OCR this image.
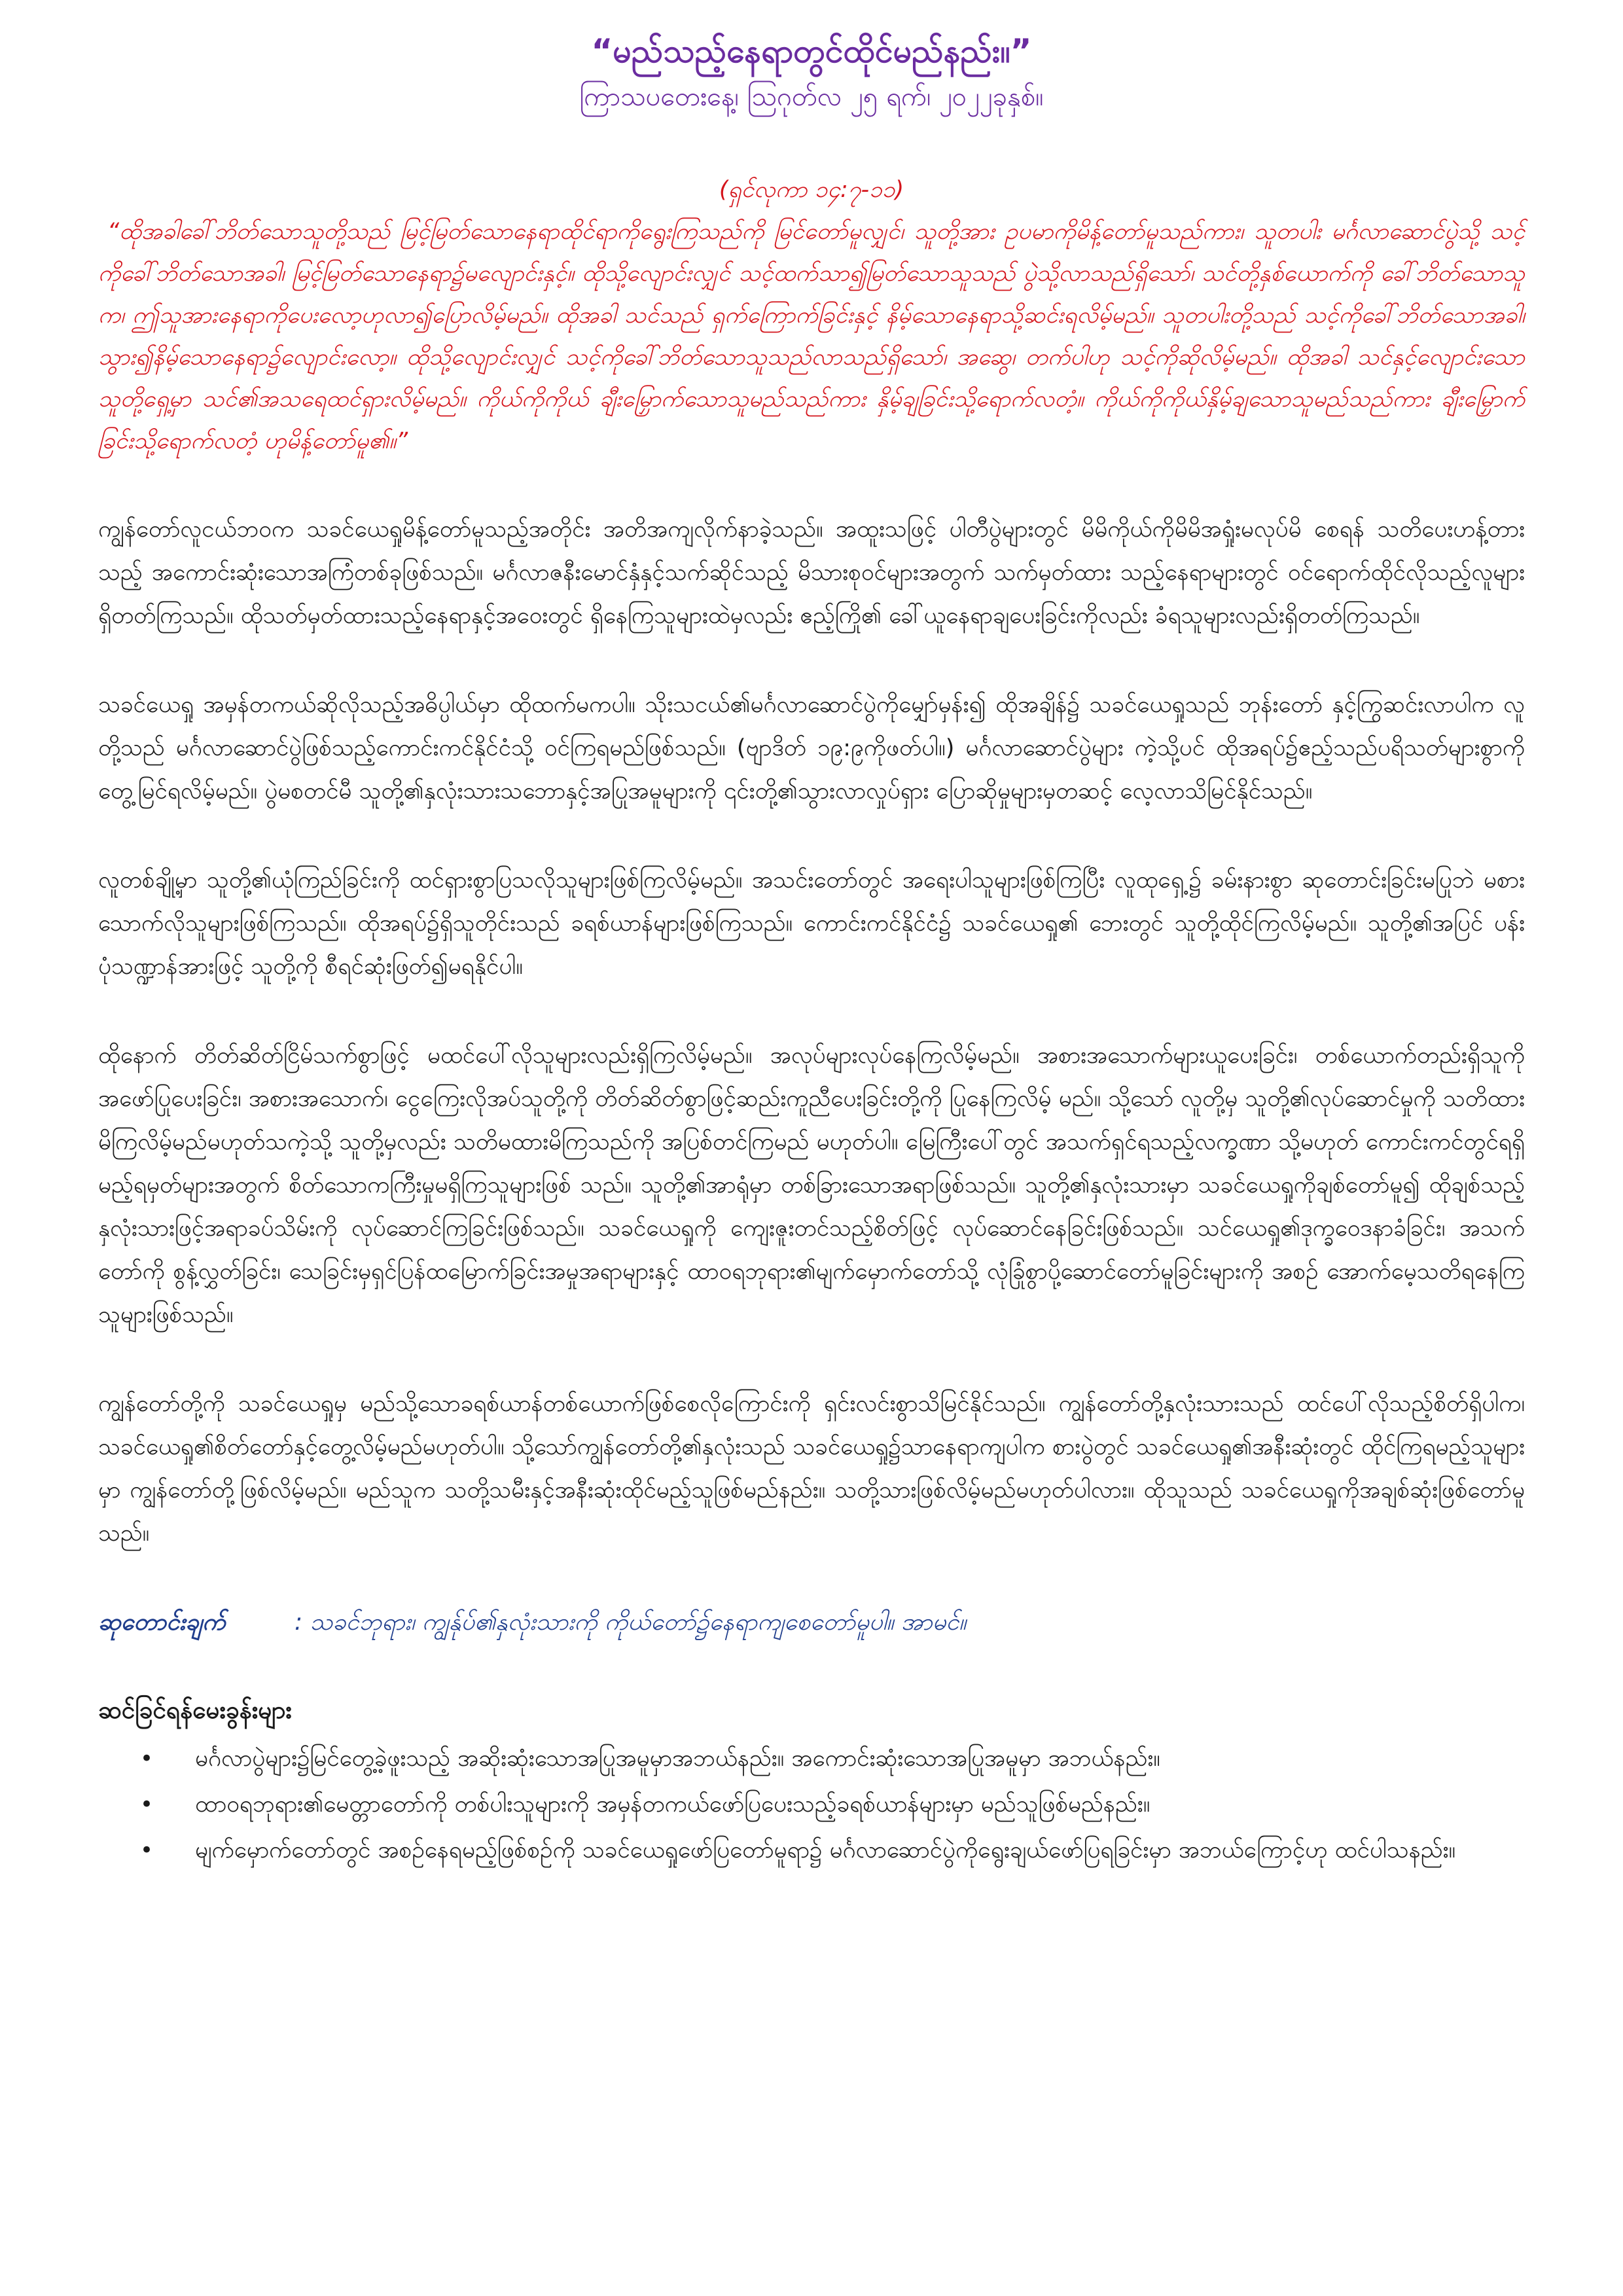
“မည်သည့်နေရာတွင်ထိုင်မည်နည်း။”

ကြာသပတေးနေ့၊ ဩဂုတ်လ ၂၅ ရက်၊ ၂၀၂၂ခုနှစ်။

(ရှင်လုကာ ၁၄:၇-၁၁)

“ထိုအခါခေါ်ဘိတ်သောသူတို့သည် မြင့်မြတ်သောနေရာထိုင်ရာကိုရွေးကြသည်ကို မြင်တော်မူလျှင်၊ သူတို့အား ဥပမာကိုမိန့်တော်မူသည်ကား၊ သူတပါး မင်္ဂလာဆောင်ပွဲသို့ သင့်ကိုခေါ်ဘိတ်သောအခါ၊ မြင့်မြတ်သောနေရာ၌မလျောင်းနှင့်။ ထိုသို့လျောင်းလျှင် သင့်ထက်သာ၍မြတ်သောသူသည် ပွဲသို့လာသည်ရှိသော်၊ သင်တို့နှစ်ယောက်ကို ခေါ်ဘိတ်သောသူက၊ ဤသူအားနေရာကိုပေးလော့ဟုလာ၍ပြောလိမ့်မည်။ ထိုအခါ သင်သည် ရှက်ကြောက်ခြင်းနှင့် နိမ့်သောနေရာသို့ဆင်းရလိမ့်မည်။ သူတပါးတို့သည် သင့်ကိုခေါ်ဘိတ်သောအခါ၊ သွား၍နိမ့်သောနေရာ၌လျောင်းလော့။ ထိုသို့လျောင်းလျှင် သင့်ကိုခေါ်ဘိတ်သောသူသည်လာသည်ရှိသော်၊ အဆွေ၊ တက်ပါဟု သင့်ကိုဆိုလိမ့်မည်။ ထိုအခါ သင်နှင့်လျောင်းသောသူတို့ရှေ့မှာ သင်၏အသရေထင်ရှားလိမ့်မည်။ ကိုယ်ကိုကိုယ် ချီးမြှောက်သောသူမည်သည်ကား နှိမ့်ချခြင်းသို့ရောက်လတံ့။ ကိုယ်ကိုကိုယ်နှိမ့်ချသောသူမည်သည်ကား ချီးမြှောက်ခြင်းသို့ရောက်လတံ့ ဟုမိန့်တော်မူ၏။”

ကျွန်တော်လူငယ်ဘဝက သခင်ယေရှုမိန့်တော်မူသည့်အတိုင်း အတိအကျလိုက်နာခဲ့သည်။ အထူးသဖြင့် ပါတီပွဲများတွင် မိမိကိုယ်ကိုမိမိအရှုံးမလုပ်မိ စေရန် သတိပေးဟန့်တားသည့် အကောင်းဆုံးသောအကြံတစ်ခုဖြစ်သည်။ မင်္ဂလာဇနီးမောင်နှံနှင့်သက်ဆိုင်သည့် မိသားစုဝင်များအတွက် သက်မှတ်ထား သည့်နေရာများတွင် ဝင်ရောက်ထိုင်လိုသည့်လူများရှိတတ်ကြသည်။ ထိုသတ်မှတ်ထားသည့်နေရာနှင့်အဝေးတွင် ရှိနေကြသူများထဲမှလည်း ဧည့်ကြို၏ ခေါ်ယူနေရာချပေးခြင်းကိုလည်း ခံရသူများလည်းရှိတတ်ကြသည်။

သခင်ယေရှု အမှန်တကယ်ဆိုလိုသည့်အဓိပ္ပါယ်မှာ ထိုထက်မကပါ။ သိုးသငယ်၏မင်္ဂလာဆောင်ပွဲကိုမျှော်မှန်း၍ ထိုအချိန်၌ သခင်ယေရှုသည် ဘုန်းတော် နှင့်ကြွဆင်းလာပါက လူတို့သည် မင်္ဂလာဆောင်ပွဲဖြစ်သည့်ကောင်းကင်နိုင်ငံသို့ ဝင်ကြရမည်ဖြစ်သည်။ (ဗျာဒိတ် ၁၉:၉ကိုဖတ်ပါ။) မင်္ဂလာဆောင်ပွဲများ ကဲ့သို့ပင် ထိုအရပ်၌ဧည့်သည်ပရိသတ်များစွာကို တွေ့မြင်ရလိမ့်မည်။ ပွဲမစတင်မီ သူတို့၏နှလုံးသားသဘောနှင့်အပြုအမူများကို ၎င်းတို့၏သွားလာလှုပ်ရှား ပြောဆိုမှုများမှတဆင့် လေ့လာသိမြင်နိုင်သည်။

လူတစ်ချို့မှာ သူတို့၏ယုံကြည်ခြင်းကို ထင်ရှားစွာပြသလိုသူများဖြစ်ကြလိမ့်မည်။ အသင်းတော်တွင် အရေးပါသူများဖြစ်ကြပြီး လူထုရှေ့၌ ခမ်းနားစွာ ဆုတောင်းခြင်းမပြုဘဲ မစားသောက်လိုသူများဖြစ်ကြသည်။ ထိုအရပ်၌ရှိသူတိုင်းသည် ခရစ်ယာန်များဖြစ်ကြသည်။ ကောင်းကင်နိုင်ငံ၌ သခင်ယေရှု၏ ဘေးတွင် သူတို့ထိုင်ကြလိမ့်မည်။ သူတို့၏အပြင် ပန်းပုံသဏ္ဍာန်အားဖြင့် သူတို့ကို စီရင်ဆုံးဖြတ်၍မရနိုင်ပါ။

ထိုနောက် တိတ်ဆိတ်ငြိမ်သက်စွာဖြင့် မထင်ပေါ်လိုသူများလည်းရှိကြလိမ့်မည်။ အလုပ်များလုပ်နေကြလိမ့်မည်။ အစားအသောက်များယူပေးခြင်း၊ တစ်ယောက်တည်းရှိသူကိုအဖော်ပြုပေးခြင်း၊ အစားအသောက်၊ ငွေကြေးလိုအပ်သူတို့ကို တိတ်ဆိတ်စွာဖြင့်ဆည်းကူညီပေးခြင်းတို့ကို ပြုနေကြလိမ့် မည်။ သို့သော် လူတို့မှ သူတို့၏လုပ်ဆောင်မှုကို သတိထားမိကြလိမ့်မည်မဟုတ်သကဲ့သို့ သူတို့မှလည်း သတိမထားမိကြသည်ကို အပြစ်တင်ကြမည် မဟုတ်ပါ။ မြေကြီးပေါ်တွင် အသက်ရှင်ရသည့်လက္ခဏာ သို့မဟုတ် ကောင်းကင်တွင်ရရှိမည့်ရမှတ်များအတွက် စိတ်သောကကြီးမှုမရှိကြသူများဖြစ် သည်။ သူတို့၏အာရုံမှာ တစ်ခြားသောအရာဖြစ်သည်။ သူတို့၏နှလုံးသားမှာ သခင်ယေရှုကိုချစ်တော်မူ၍ ထိုချစ်သည့်နှလုံးသားဖြင့်အရာခပ်သိမ်းကို လုပ်ဆောင်ကြခြင်းဖြစ်သည်။ သခင်ယေရှုကို ကျေးဇူးတင်သည့်စိတ်ဖြင့် လုပ်ဆောင်နေခြင်းဖြစ်သည်။ သင်ယေရှု၏ဒုက္ခဝေဒနာခံခြင်း၊ အသက်တော်ကို စွန့်လွှတ်ခြင်း၊ သေခြင်းမှရှင်ပြန်ထမြောက်ခြင်းအမှုအရာများနှင့် ထာဝရဘုရား၏မျက်မှောက်တော်သို့ လုံခြုံစွာပို့ဆောင်တော်မူခြင်းများကို အစဉ် အောက်မေ့သတိရနေကြသူများဖြစ်သည်။

ကျွန်တော်တို့ကို သခင်ယေရှုမှ မည်သို့သောခရစ်ယာန်တစ်ယောက်ဖြစ်စေလိုကြောင်းကို ရှင်းလင်းစွာသိမြင်နိုင်သည်။ ကျွန်တော်တို့နှလုံးသားသည် ထင်ပေါ်လိုသည့်စိတ်ရှိပါက၊ သခင်ယေရှု၏စိတ်တော်နှင့်တွေ့လိမ့်မည်မဟုတ်ပါ။ သို့သော်ကျွန်တော်တို့၏နှလုံးသည် သခင်ယေရှု၌သာနေရာကျပါက စားပွဲတွင် သခင်ယေရှု၏အနီးဆုံးတွင် ထိုင်ကြရမည့်သူများမှာ ကျွန်တော်တို့ဖြစ်လိမ့်မည်။ မည်သူက သတို့သမီးနှင့်အနီးဆုံးထိုင်မည့်သူဖြစ်မည်နည်း။ သတို့သားဖြစ်လိမ့်မည်မဟုတ်ပါလား။ ထိုသူသည် သခင်ယေရှုကိုအချစ်ဆုံးဖြစ်တော်မူသည်။

ဆုတောင်းချက်	: သခင်ဘုရား၊ ကျွန်ုပ်၏နှလုံးသားကို ကိုယ်တော်၌နေရာကျစေတော်မူပါ။ အာမင်။

ဆင်ခြင်ရန်မေးခွန်းများ

• မင်္ဂလာပွဲများ၌မြင်တွေ့ခဲ့ဖူးသည့် အဆိုးဆုံးသောအပြုအမူမှာအဘယ်နည်း။ အကောင်းဆုံးသောအပြုအမူမှာ အဘယ်နည်း။
• ထာဝရဘုရား၏မေတ္တာတော်ကို တစ်ပါးသူများကို အမှန်တကယ်ဖော်ပြပေးသည့်ခရစ်ယာန်များမှာ မည်သူဖြစ်မည်နည်း။
• မျက်မှောက်တော်တွင် အစဉ်နေရမည့်ဖြစ်စဉ်ကို သခင်ယေရှုဖော်ပြတော်မူရာ၌ မင်္ဂလာဆောင်ပွဲကိုရွေးချယ်ဖော်ပြရခြင်းမှာ အဘယ်ကြောင့်ဟု ထင်ပါသနည်း။
